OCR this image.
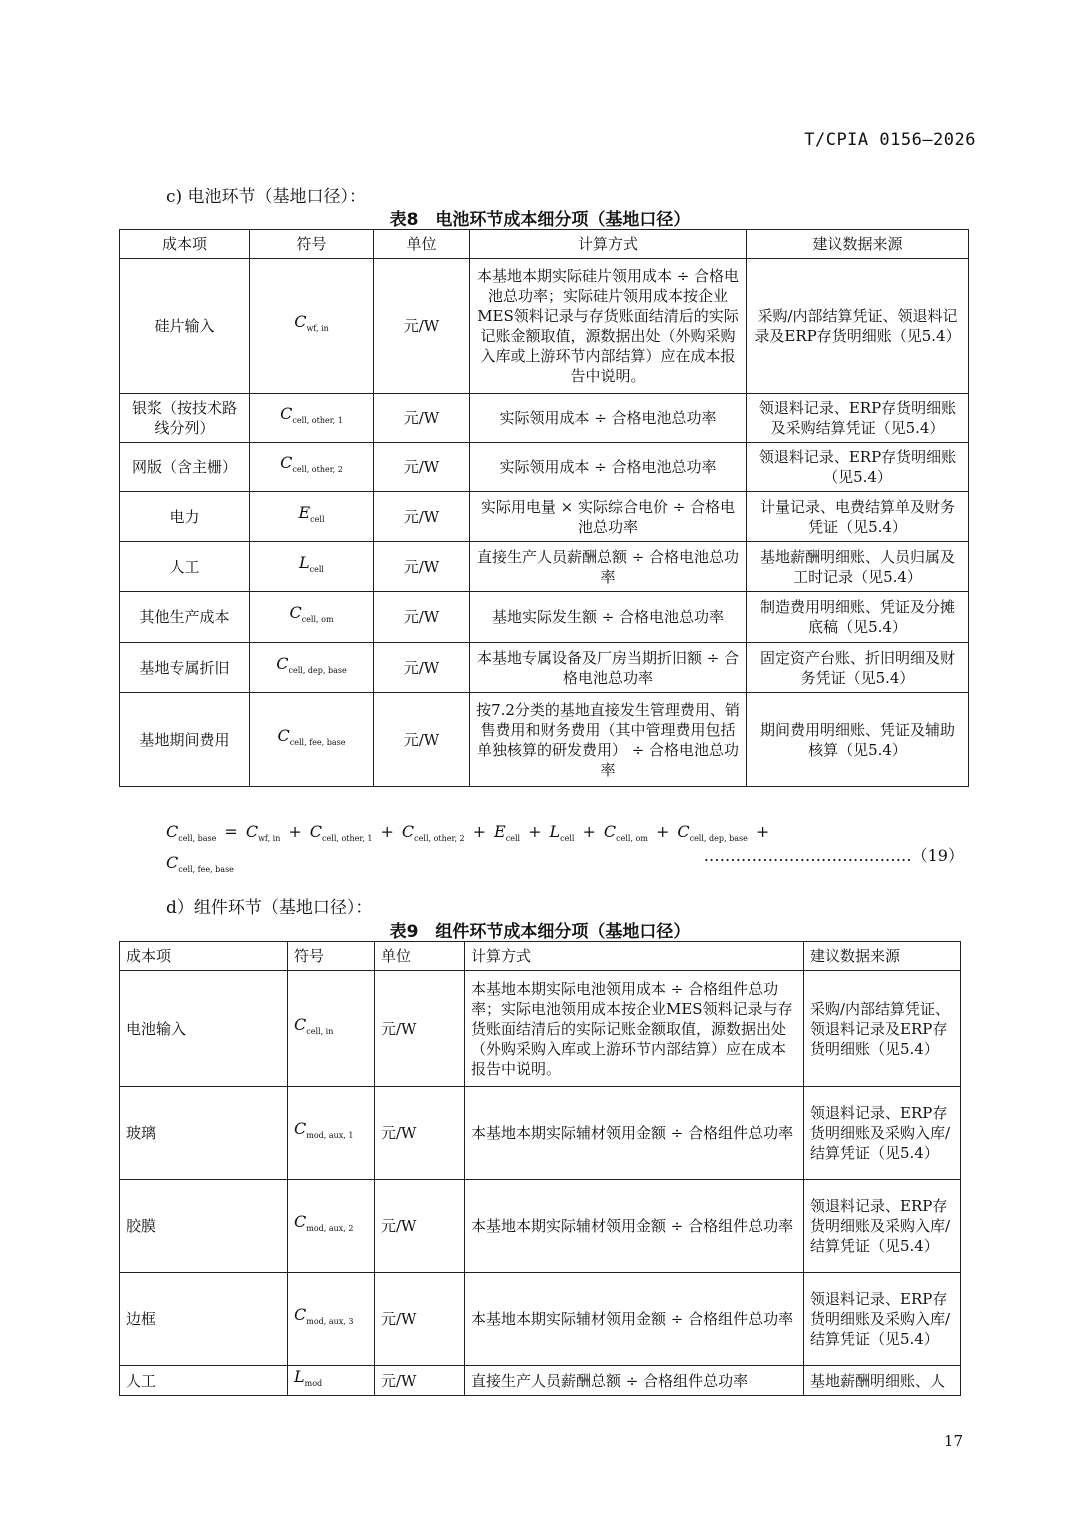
T/CPIA 0156—2026
c) 电池环节（基地口径）：
表8　电池环节成本细分项（基地口径）
成本项	符号	单位	计算方式	建议数据来源
硅片输入	$C_{wf, in}$	元/W	本基地本期实际硅片领用成本 ÷ 合格电池总功率；实际硅片领用成本按企业MES领料记录与存货账面结清后的实际记账金额取值，源数据出处（外购采购入库或上游环节内部结算）应在成本报告中说明。	采购/内部结算凭证、领退料记录及ERP存货明细账（见5.4）
银浆（按技术路线分列）	$C_{cell, other, 1}$	元/W	实际领用成本 ÷ 合格电池总功率	领退料记录、ERP存货明细账及采购结算凭证（见5.4）
网版（含主栅）	$C_{cell, other, 2}$	元/W	实际领用成本 ÷ 合格电池总功率	领退料记录、ERP存货明细账（见5.4）
电力	$E_{cell}$	元/W	实际用电量 × 实际综合电价 ÷ 合格电池总功率	计量记录、电费结算单及财务凭证（见5.4）
人工	$L_{cell}$	元/W	直接生产人员薪酬总额 ÷ 合格电池总功率	基地薪酬明细账、人员归属及工时记录（见5.4）
其他生产成本	$C_{cell, om}$	元/W	基地实际发生额 ÷ 合格电池总功率	制造费用明细账、凭证及分摊底稿（见5.4）
基地专属折旧	$C_{cell, dep, base}$	元/W	本基地专属设备及厂房当期折旧额 ÷ 合格电池总功率	固定资产台账、折旧明细及财务凭证（见5.4）
基地期间费用	$C_{cell, fee, base}$	元/W	按7.2分类的基地直接发生管理费用、销售费用和财务费用（其中管理费用包括单独核算的研发费用） ÷ 合格电池总功率	期间费用明细账、凭证及辅助核算（见5.4）
$C_{cell, base} = C_{wf, in} + C_{cell, other, 1} + C_{cell, other, 2} + E_{cell} + L_{cell} + C_{cell, om} + C_{cell, dep, base}$ +
$C_{cell, fee, base}$
…………………………………（19）
d）组件环节（基地口径）：
表9　组件环节成本细分项（基地口径）
成本项	符号	单位	计算方式	建议数据来源
电池输入	$C_{cell, in}$	元/W	本基地本期实际电池领用成本 ÷ 合格组件总功率；实际电池领用成本按企业MES领料记录与存货账面结清后的实际记账金额取值，源数据出处（外购采购入库或上游环节内部结算）应在成本报告中说明。	采购/内部结算凭证、领退料记录及ERP存货明细账（见5.4）
玻璃	$C_{mod, aux, 1}$	元/W	本基地本期实际辅材领用金额 ÷ 合格组件总功率	领退料记录、ERP存货明细账及采购入库/结算凭证（见5.4）
胶膜	$C_{mod, aux, 2}$	元/W	本基地本期实际辅材领用金额 ÷ 合格组件总功率	领退料记录、ERP存货明细账及采购入库/结算凭证（见5.4）
边框	$C_{mod, aux, 3}$	元/W	本基地本期实际辅材领用金额 ÷ 合格组件总功率	领退料记录、ERP存货明细账及采购入库/结算凭证（见5.4）
人工	$L_{mod}$	元/W	直接生产人员薪酬总额 ÷ 合格组件总功率	基地薪酬明细账、人
17
